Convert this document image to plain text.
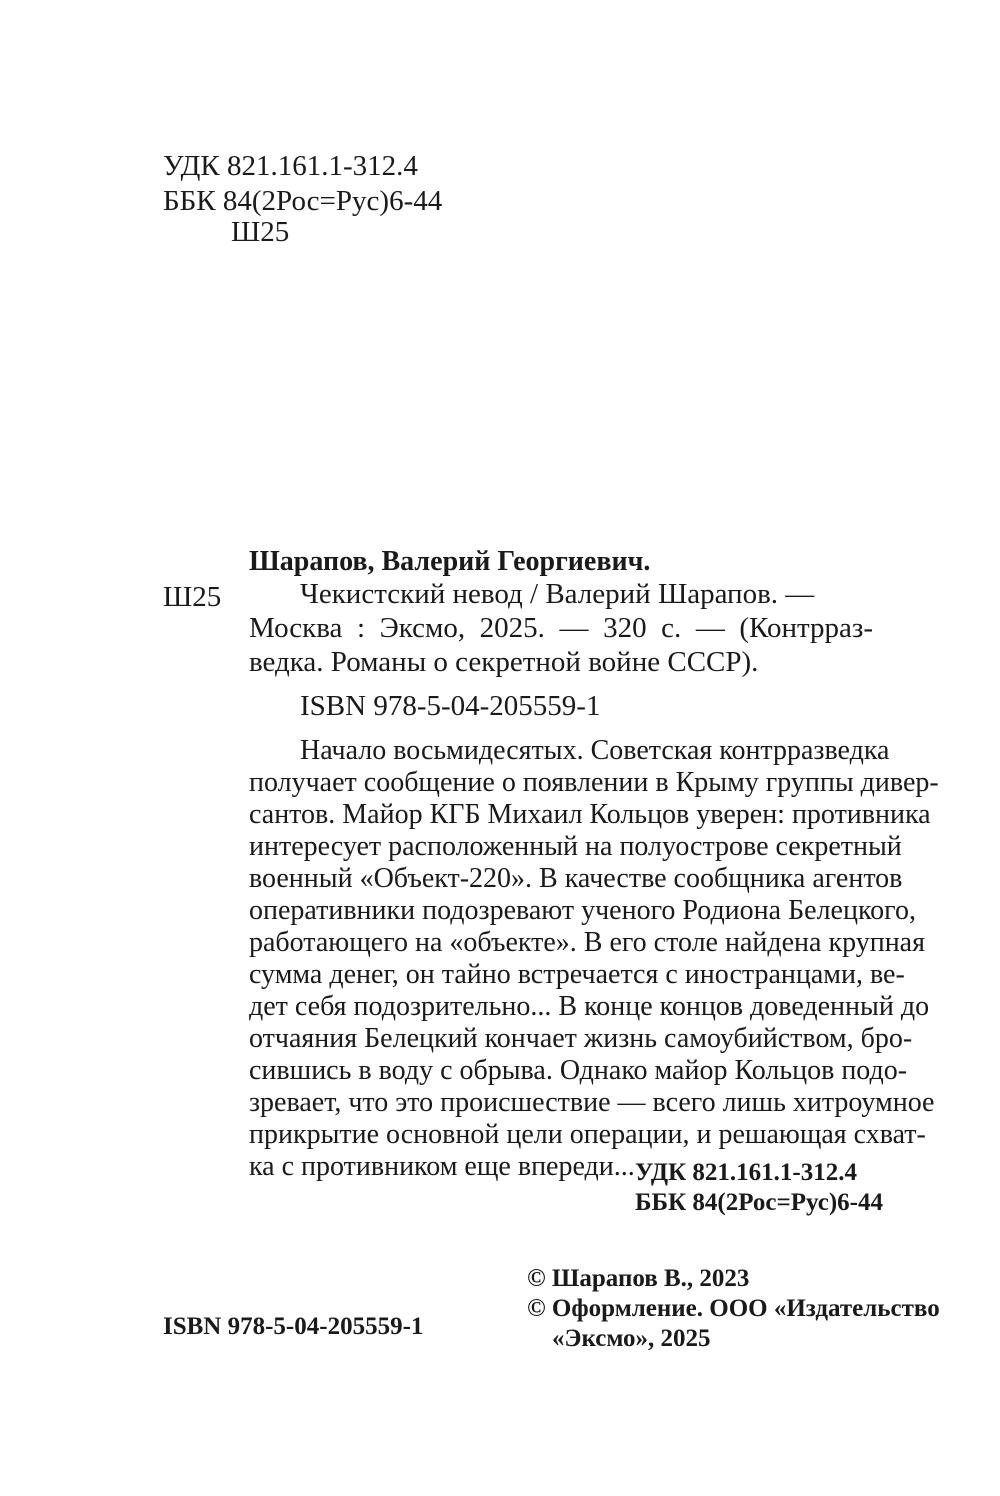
УДК 821.161.1-312.4
ББК 84(2Рос=Рус)6-44
Ш25
Шарапов, Валерий Георгиевич.
Ш25	Чекистский невод / Валерий Шарапов. —
Москва : Эксмо, 2025. — 320 с. — (Контрраз-
ведка. Романы о секретной войне СССР).
ISBN 978-5-04-205559-1
Начало восьмидесятых. Советская контрразведка
получает сообщение о появлении в Крыму группы дивер-
сантов. Майор КГБ Михаил Кольцов уверен: противника
интересует расположенный на полуострове секретный
военный «Объект-220». В качестве сообщника агентов
оперативники подозревают ученого Родиона Белецкого,
работающего на «объекте». В его столе найдена крупная
сумма денег, он тайно встречается с иностранцами, ве-
дет себя подозрительно... В конце концов доведенный до
отчаяния Белецкий кончает жизнь самоубийством, бро-
сившись в воду с обрыва. Однако майор Кольцов подо-
зревает, что это происшествие — всего лишь хитроумное
прикрытие основной цели операции, и решающая схват-
ка с противником еще впереди... УДК 821.161.1-312.4
ББК 84(2Рос=Рус)6-44
© Шарапов В., 2023
© Оформление. ООО «Издательство
«Эксмо», 2025
ISBN 978-5-04-205559-1
